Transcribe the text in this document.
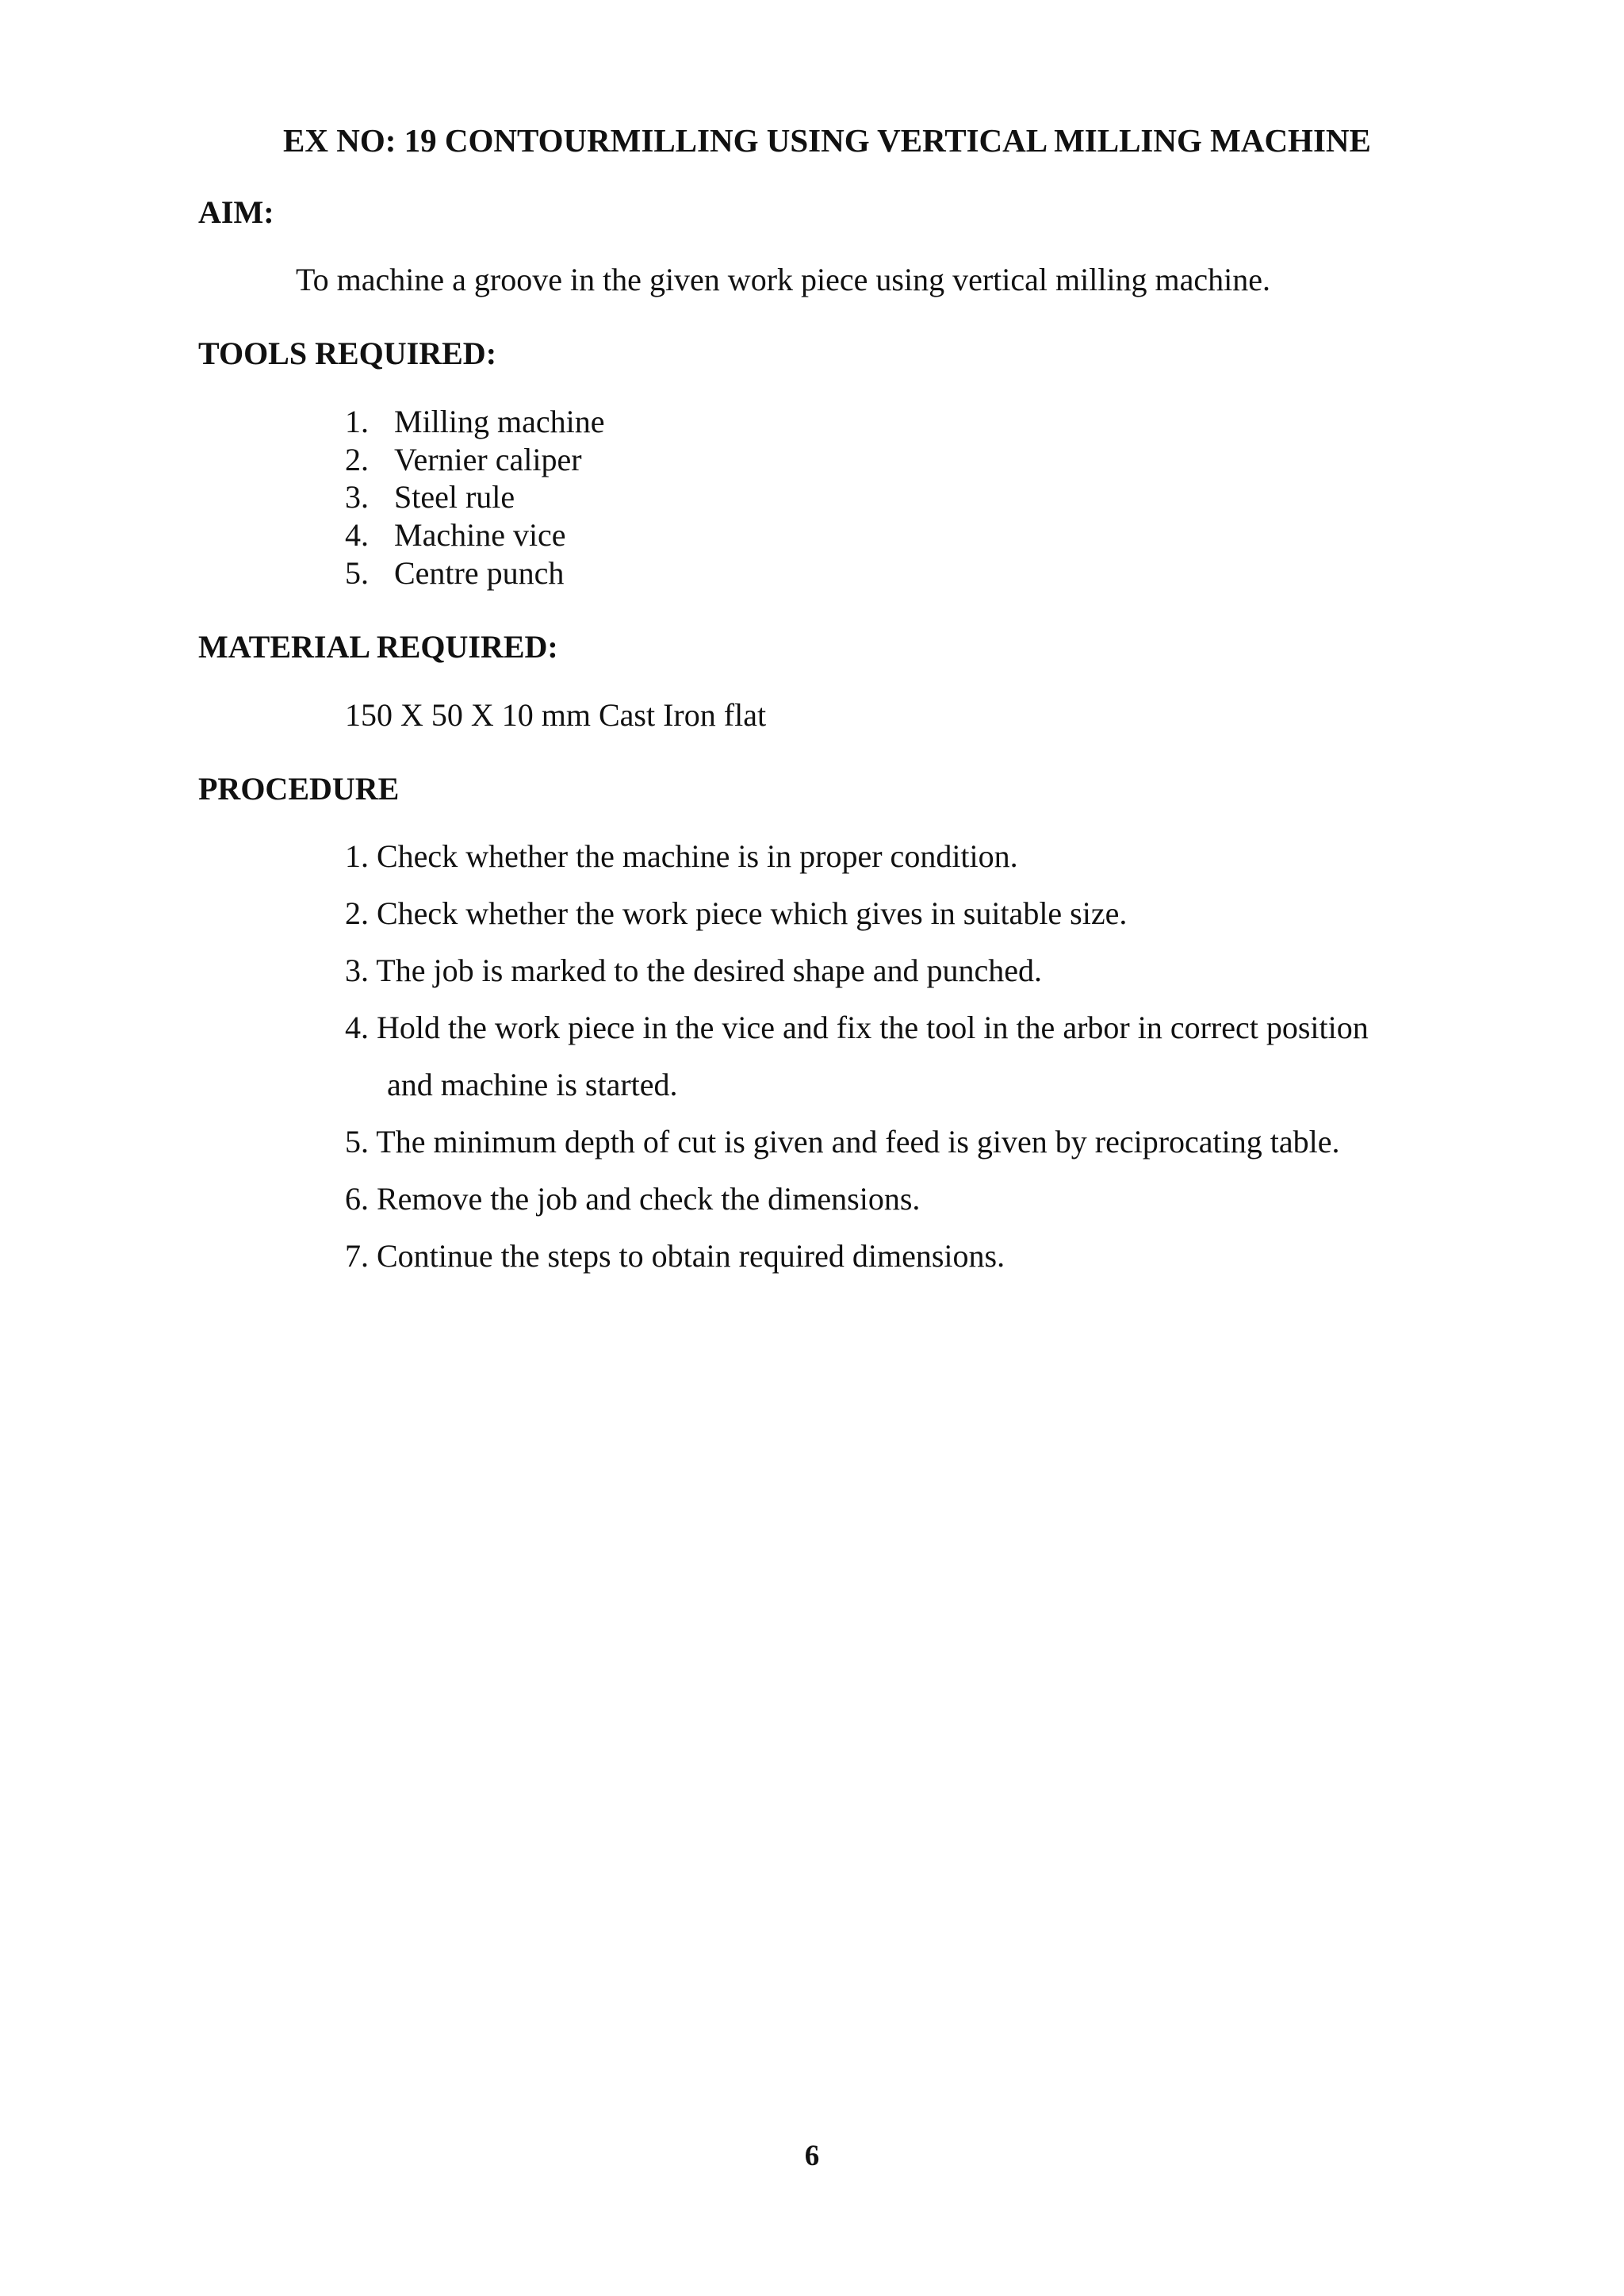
EX NO: 19 CONTOURMILLING USING VERTICAL MILLING MACHINE
AIM:
To machine a groove in the given work piece using vertical milling machine.
TOOLS REQUIRED:
1. Milling machine
2. Vernier caliper
3. Steel rule
4. Machine vice
5. Centre punch
MATERIAL REQUIRED:
150 X 50 X 10 mm Cast Iron flat
PROCEDURE
1. Check whether the machine is in proper condition.
2. Check whether the work piece which gives in suitable size.
3. The job is marked to the desired shape and punched.
4. Hold the work piece in the vice and fix the tool in the arbor in correct position
and machine is started.
5. The minimum depth of cut is given and feed is given by reciprocating table.
6. Remove the job and check the dimensions.
7. Continue the steps to obtain required dimensions.
6
